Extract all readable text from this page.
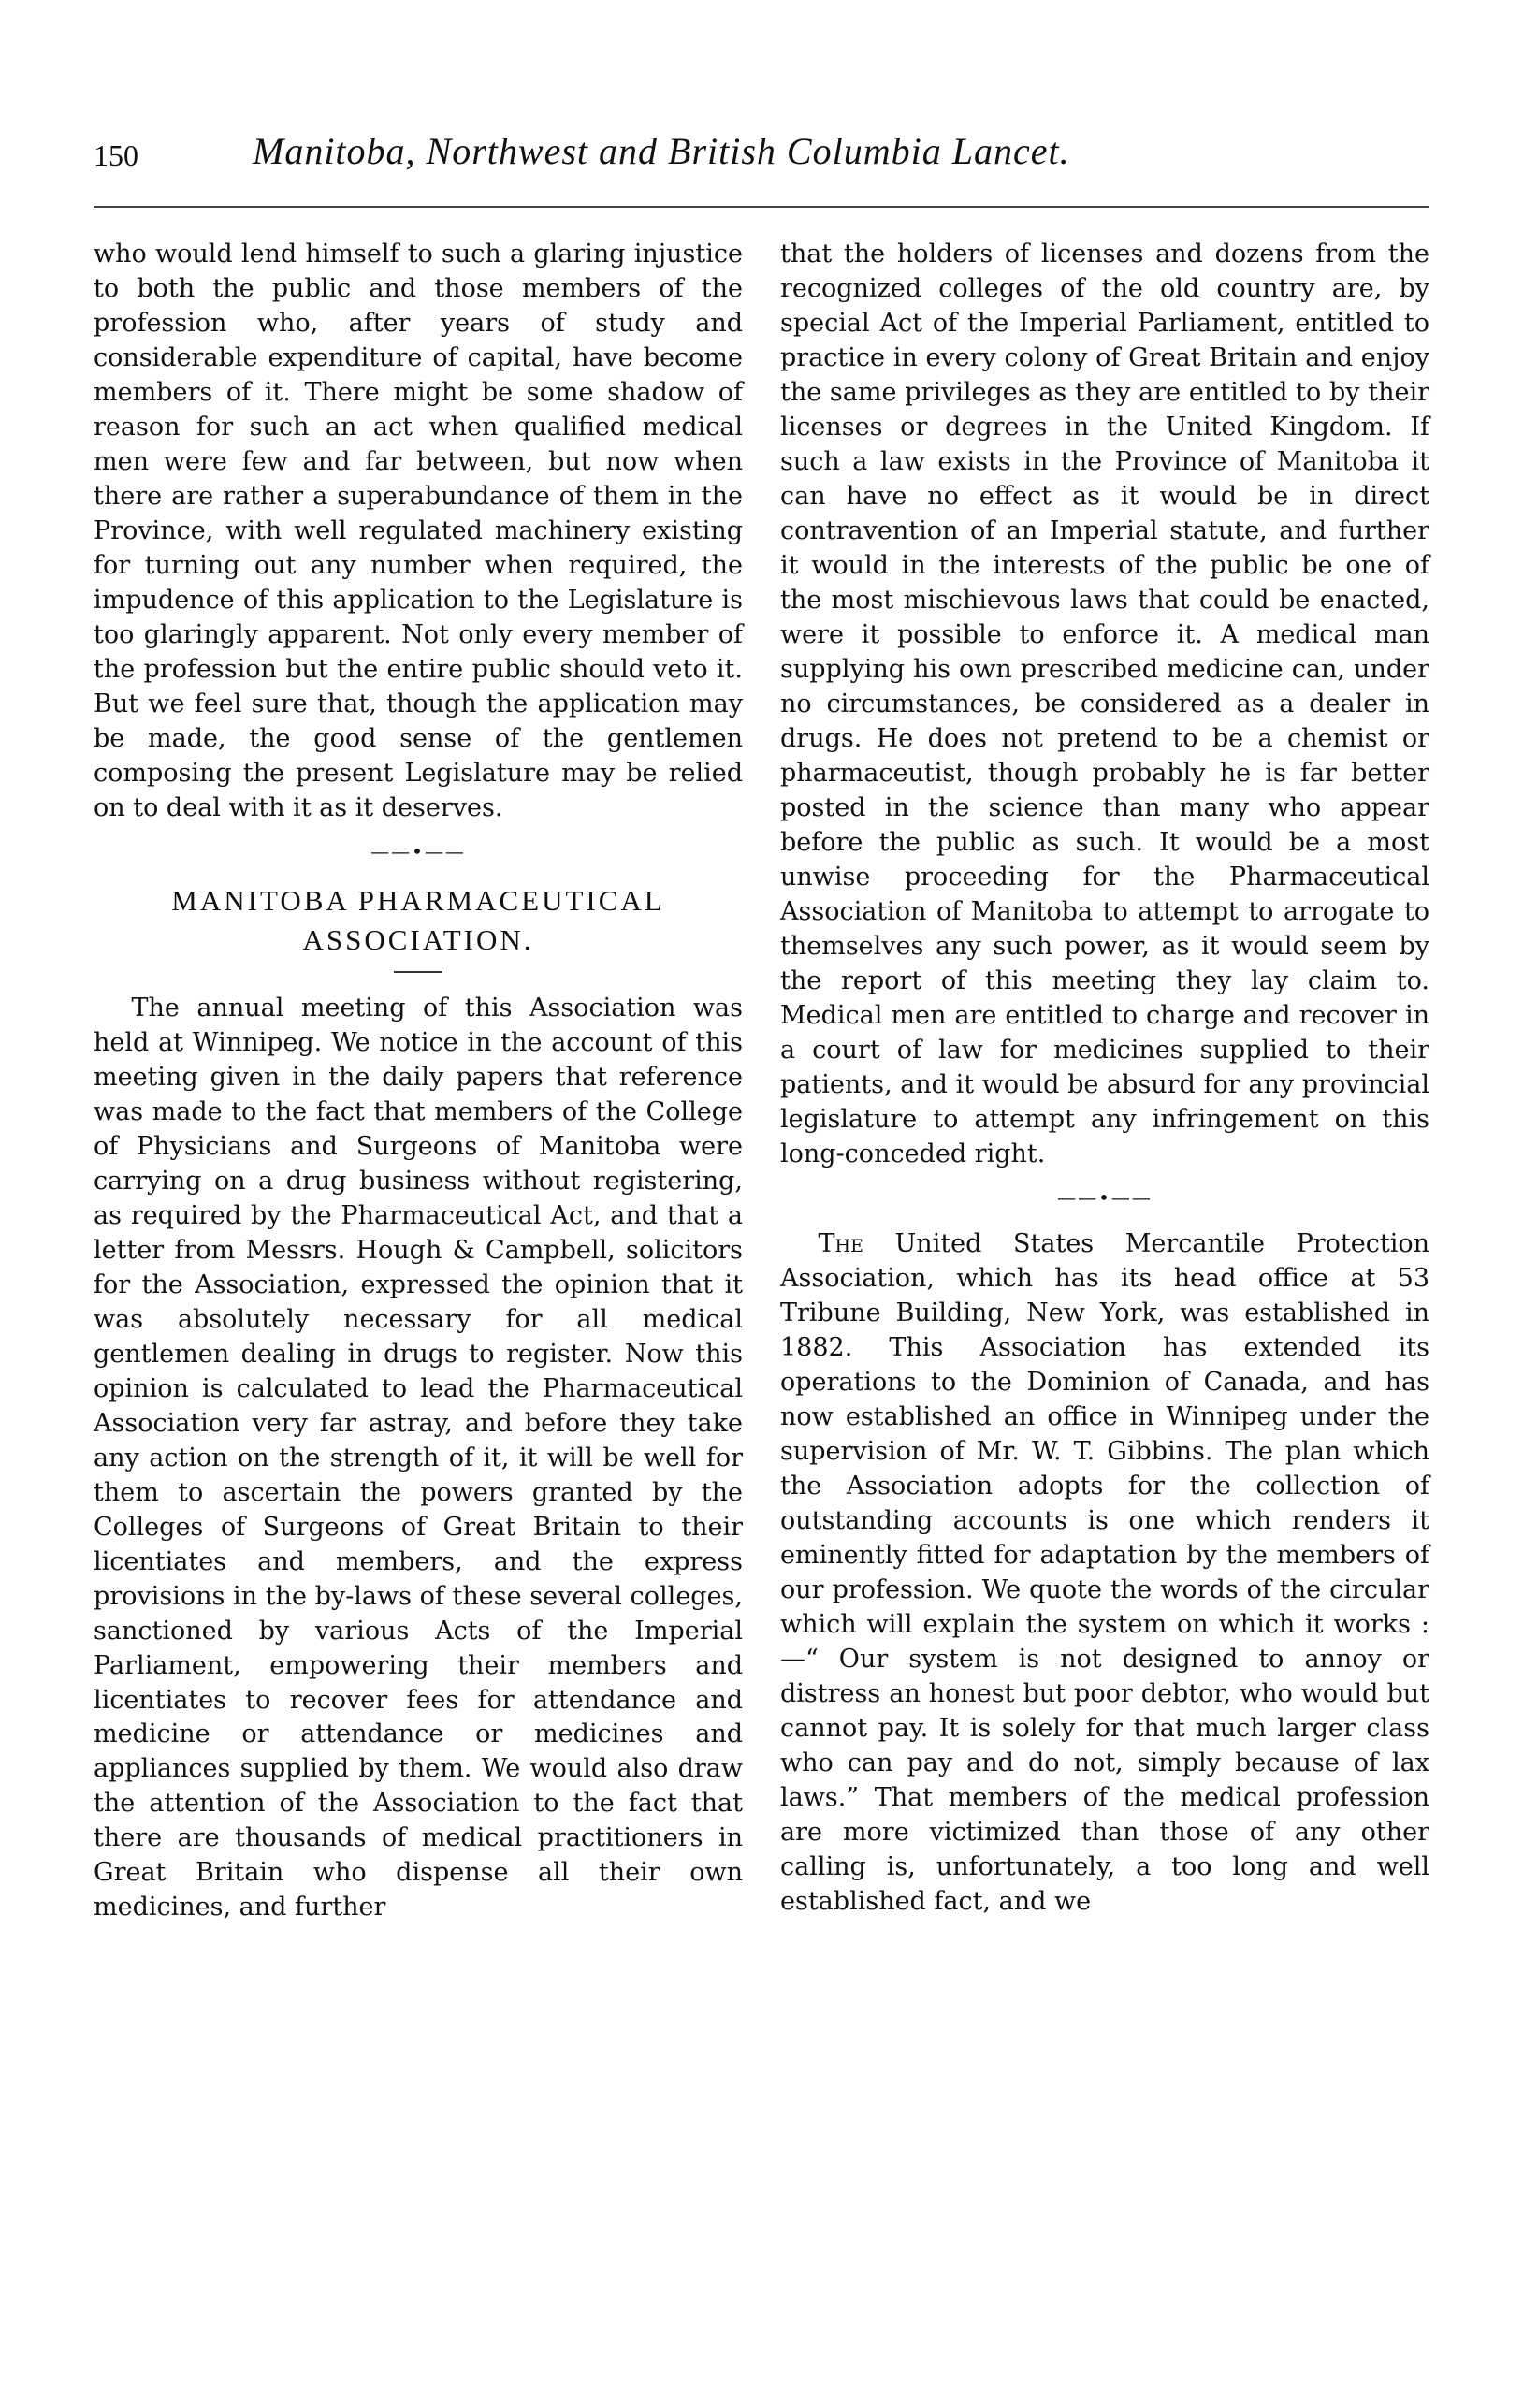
150	Manitoba, Northwest and British Columbia Lancet.

who would lend himself to such a glaring injustice to both the public and those members of the profession who, after years of study and considerable expenditure of capital, have become members of it. There might be some shadow of reason for such an act when qualified medical men were few and far between, but now when there are rather a superabundance of them in the Province, with well regulated machinery existing for turning out any number when required, the impudence of this application to the Legislature is too glaringly apparent. Not only every member of the profession but the entire public should veto it. But we feel sure that, though the application may be made, the good sense of the gentlemen composing the present Legislature may be relied on to deal with it as it deserves.

——•——
MANITOBA PHARMACEUTICAL ASSOCIATION.

The annual meeting of this Association was held at Winnipeg. We notice in the account of this meeting given in the daily papers that reference was made to the fact that members of the College of Physicians and Surgeons of Manitoba were carrying on a drug business without registering, as required by the Pharmaceutical Act, and that a letter from Messrs. Hough & Campbell, solicitors for the Association, expressed the opinion that it was absolutely necessary for all medical gentlemen dealing in drugs to register. Now this opinion is calculated to lead the Pharmaceutical Association very far astray, and before they take any action on the strength of it, it will be well for them to ascertain the powers granted by the Colleges of Surgeons of Great Britain to their licentiates and members, and the express provisions in the by-laws of these several colleges, sanctioned by various Acts of the Imperial Parliament, empowering their members and licentiates to recover fees for attendance and medicine or attendance or medicines and appliances supplied by them. We would also draw the attention of the Association to the fact that there are thousands of medical practitioners in Great Britain who dispense all their own medicines, and further

that the holders of licenses and dozens from the recognized colleges of the old country are, by special Act of the Imperial Parliament, entitled to practice in every colony of Great Britain and enjoy the same privileges as they are entitled to by their licenses or degrees in the United Kingdom. If such a law exists in the Province of Manitoba it can have no effect as it would be in direct contravention of an Imperial statute, and further it would in the interests of the public be one of the most mischievous laws that could be enacted, were it possible to enforce it. A medical man supplying his own prescribed medicine can, under no circumstances, be considered as a dealer in drugs. He does not pretend to be a chemist or pharmaceutist, though probably he is far better posted in the science than many who appear before the public as such. It would be a most unwise proceeding for the Pharmaceutical Association of Manitoba to attempt to arrogate to themselves any such power, as it would seem by the report of this meeting they lay claim to. Medical men are entitled to charge and recover in a court of law for medicines supplied to their patients, and it would be absurd for any provincial legislature to attempt any infringement on this long-conceded right.

——•——

The United States Mercantile Protection Association, which has its head office at 53 Tribune Building, New York, was established in 1882. This Association has extended its operations to the Dominion of Canada, and has now established an office in Winnipeg under the supervision of Mr. W. T. Gibbins. The plan which the Association adopts for the collection of outstanding accounts is one which renders it eminently fitted for adaptation by the members of our profession. We quote the words of the circular which will explain the system on which it works :—“ Our system is not designed to annoy or distress an honest but poor debtor, who would but cannot pay. It is solely for that much larger class who can pay and do not, simply because of lax laws.” That members of the medical profession are more victimized than those of any other calling is, unfortunately, a too long and well established fact, and we
